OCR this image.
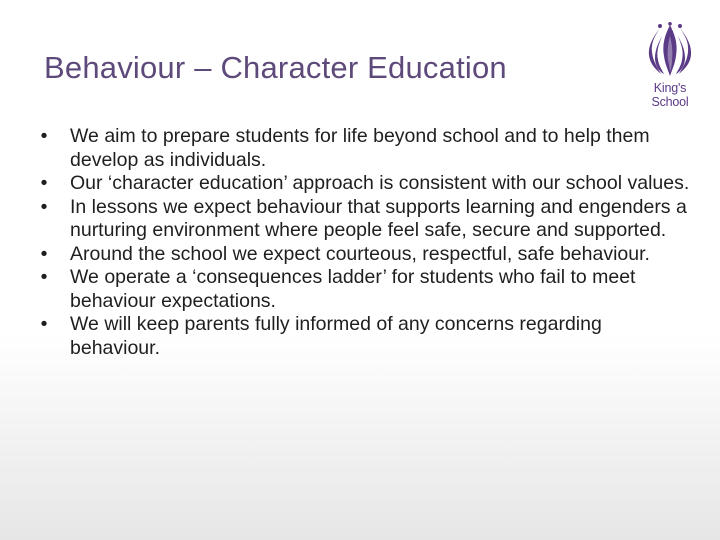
Behaviour – Character Education
King's
School
•	We aim to prepare students for life beyond school and to help them develop as individuals.
•	Our ‘character education’ approach is consistent with our school values.
•	In lessons we expect behaviour that supports learning and engenders a nurturing environment where people feel safe, secure and supported.
•	Around the school we expect courteous, respectful, safe behaviour.
•	We operate a ‘consequences ladder’ for students who fail to meet behaviour expectations.
•	We will keep parents fully informed of any concerns regarding behaviour.
